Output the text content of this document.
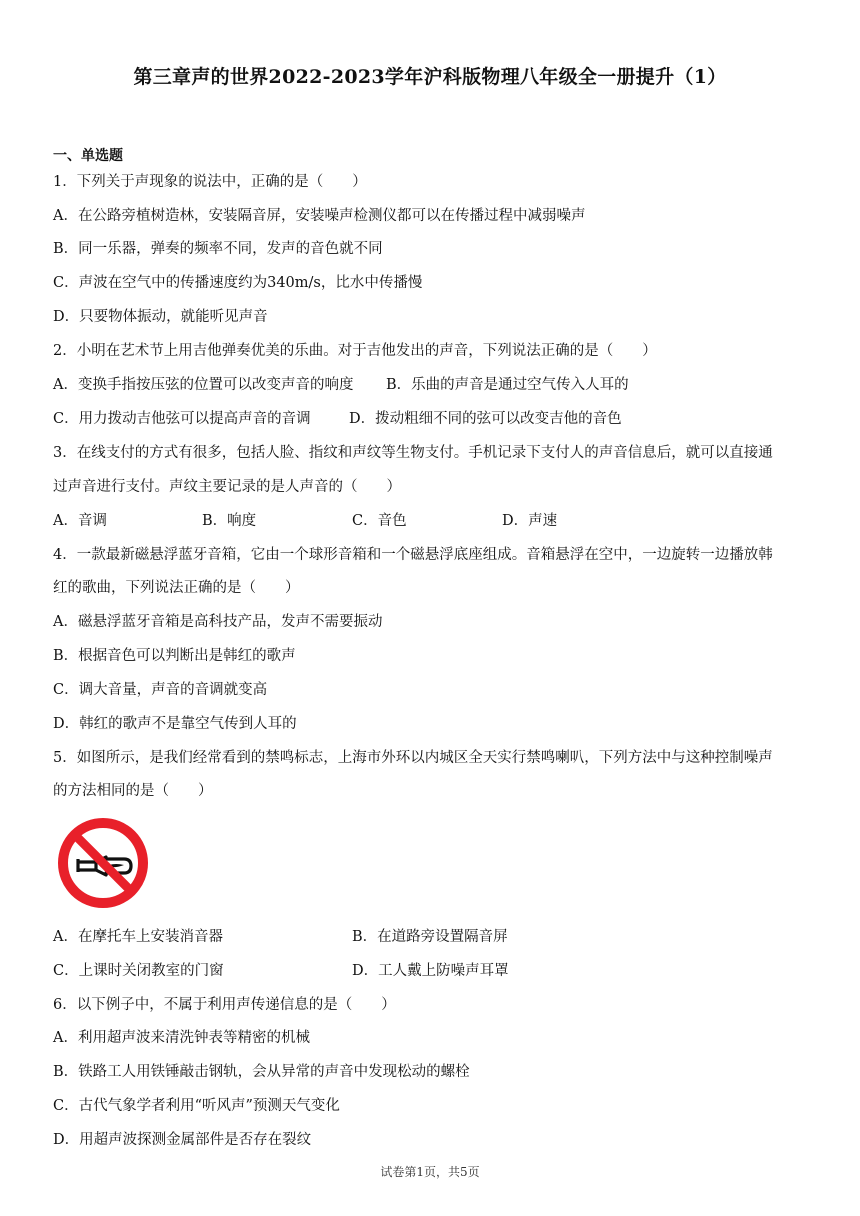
第三章声的世界2022-2023学年沪科版物理八年级全一册提升（1）
一、单选题
1．下列关于声现象的说法中，正确的是（　　）
A．在公路旁植树造林，安装隔音屏，安装噪声检测仪都可以在传播过程中减弱噪声
B．同一乐器，弹奏的频率不同，发声的音色就不同
C．声波在空气中的传播速度约为340m/s，比水中传播慢
D．只要物体振动，就能听见声音
2．小明在艺术节上用吉他弹奏优美的乐曲。对于吉他发出的声音，下列说法正确的是（　　）
A．变换手指按压弦的位置可以改变声音的响度 B．乐曲的声音是通过空气传入人耳的
C．用力拨动吉他弦可以提高声音的音调	D．拨动粗细不同的弦可以改变吉他的音色
3．在线支付的方式有很多，包括人脸、指纹和声纹等生物支付。手机记录下支付人的声音信息后，就可以直接通
过声音进行支付。声纹主要记录的是人声音的（　　）
A．音调	B．响度	C．音色	D．声速
4．一款最新磁悬浮蓝牙音箱，它由一个球形音箱和一个磁悬浮底座组成。音箱悬浮在空中，一边旋转一边播放韩
红的歌曲，下列说法正确的是（　　）
A．磁悬浮蓝牙音箱是高科技产品，发声不需要振动
B．根据音色可以判断出是韩红的歌声
C．调大音量，声音的音调就变高
D．韩红的歌声不是靠空气传到人耳的
5．如图所示，是我们经常看到的禁鸣标志，上海市外环以内城区全天实行禁鸣喇叭，下列方法中与这种控制噪声
的方法相同的是（　　）
A．在摩托车上安装消音器	B．在道路旁设置隔音屏
C．上课时关闭教室的门窗	D．工人戴上防噪声耳罩
6．以下例子中，不属于利用声传递信息的是（　　）
A．利用超声波来清洗钟表等精密的机械
B．铁路工人用铁锤敲击钢轨，会从异常的声音中发现松动的螺栓
C．古代气象学者利用“听风声”预测天气变化
D．用超声波探测金属部件是否存在裂纹
试卷第1页，共5页
